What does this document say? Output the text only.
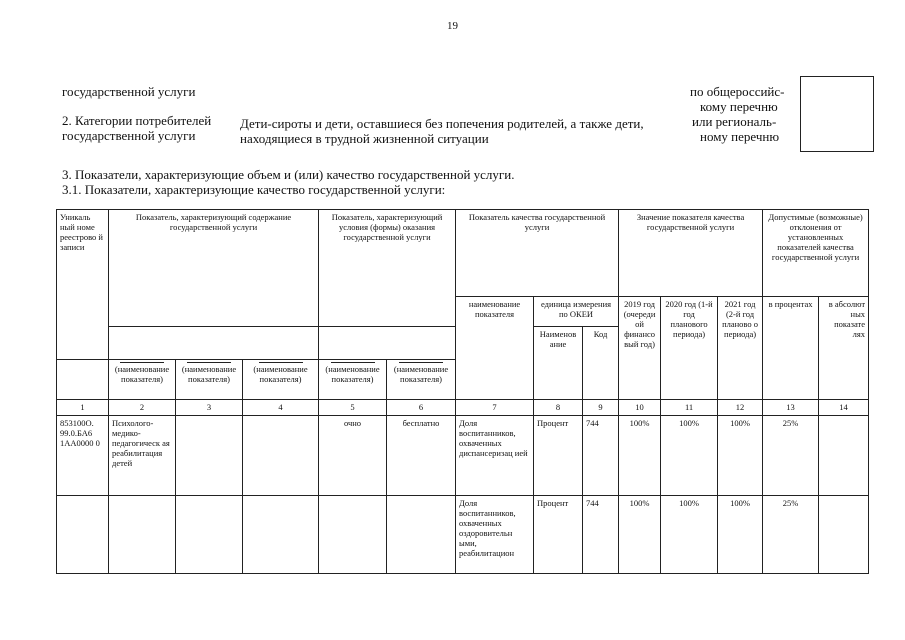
19
государственной услуги
2. Категории потребителей
государственной услуги
Дети-сироты и дети, оставшиеся без попечения родителей, а также дети,
находящиеся в трудной жизненной ситуации
по общероссийс-
кому перечню
или региональ-
ному перечню
3. Показатели, характеризующие объем и (или) качество государственной услуги.
3.1. Показатели, характеризующие качество государственной услуги:
Уникаль ный номе реестрово й записи	Показатель, характеризующий содержание государственной услуги			Показатель, характеризующий условия (формы) оказания государственной услуги		Показатель качества государственной услуги			Значение показателя качества государственной услуги			Допустимые (возможные) отклонения от установленных показателей качества государственной услуги	
						наименование показателя	единица измерения по ОКЕИ		2019 год (очереди ой финансо вый год)	2020 год (1-й год планового периода)	2021 год (2-й год планово о периода)	в процентах	в абсолют ных показате лях
							Наименов ание	Код					

	(наименование показателя)	(наименование показателя)	(наименование показателя)	(наименование показателя)	(наименование показателя)								

1	2	3	4	5	6	7	8	9	10	11	12	13	14
853100О. 99.0.БА6 1АА0000 0	Психолого-медико-педагогическ ая реабилитация детей			очно	бесплатно	Доля воспитанников, охваченных диспансеризац ией	Процент	744	100%	100%	100%	25%	
						Доля воспитанников, охваченных оздоровительн ыми, реабилитацион	Процент	744	100%	100%	100%	25%	
